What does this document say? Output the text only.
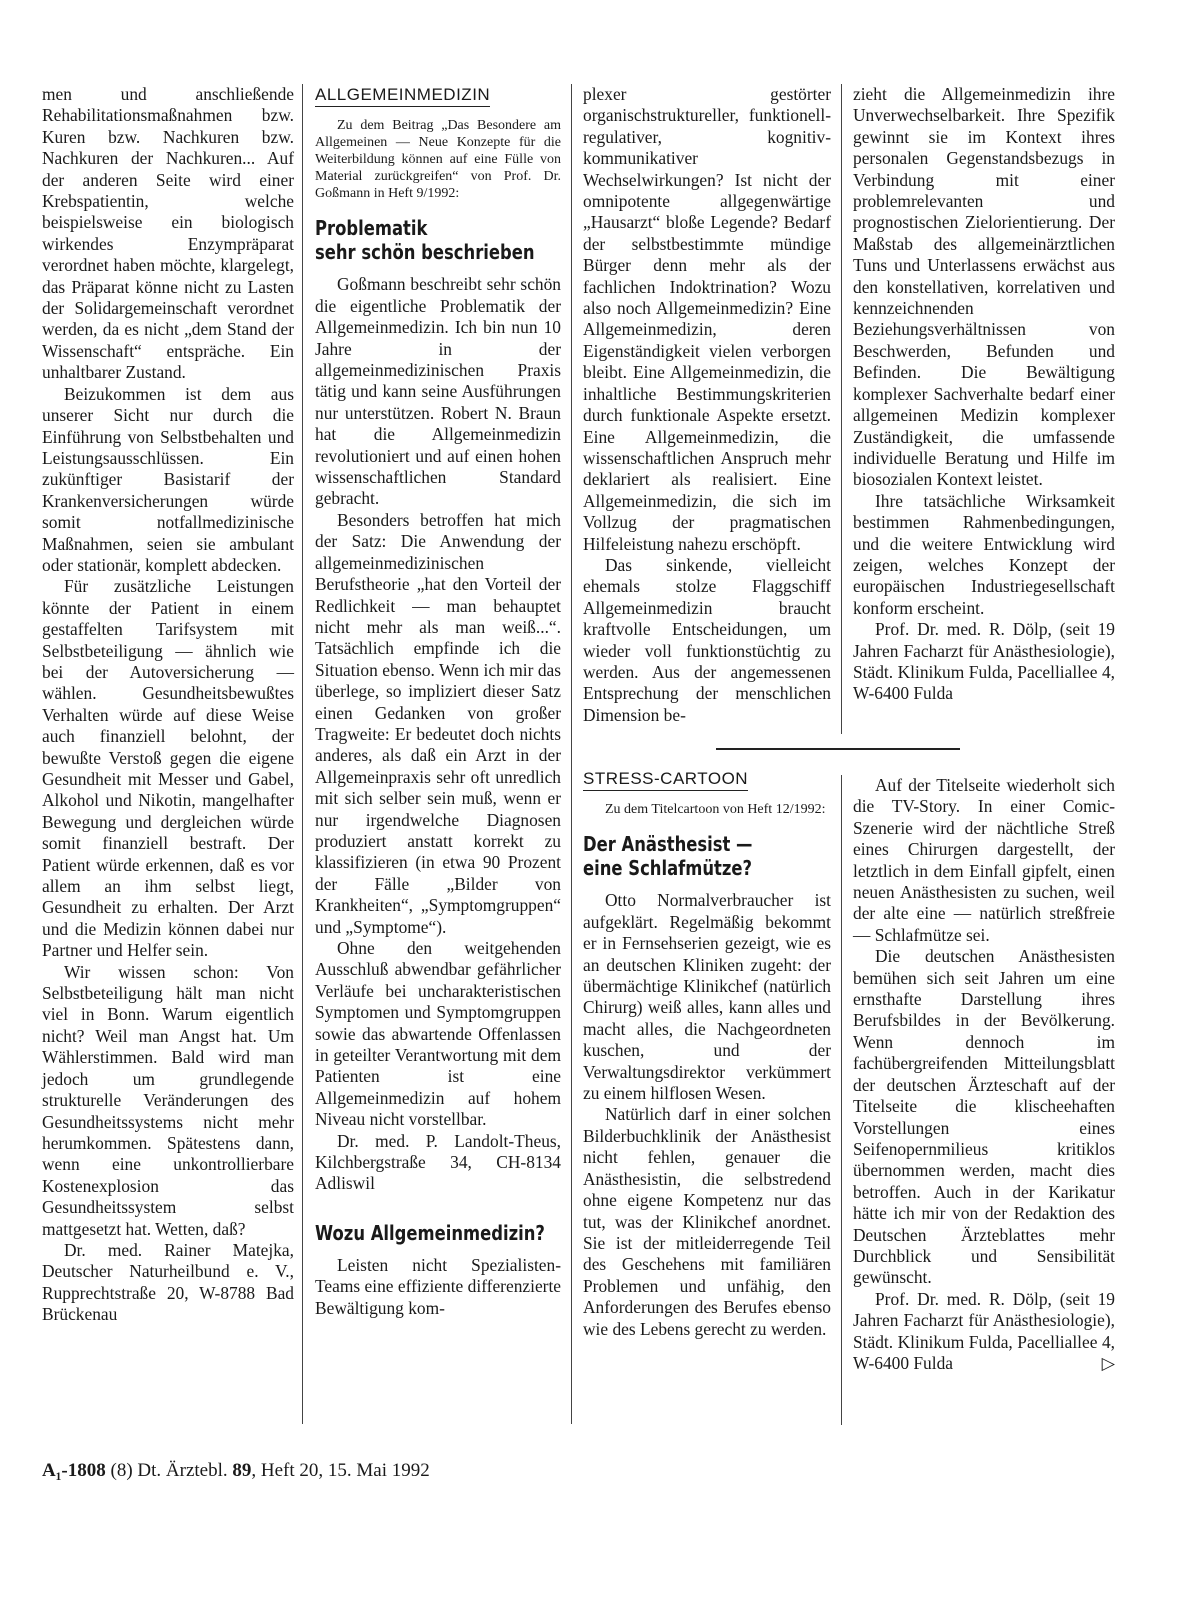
men und anschließende Rehabilitationsmaßnahmen bzw. Kuren bzw. Nachkuren bzw. Nachkuren der Nachkuren... Auf der anderen Seite wird einer Krebspatientin, welche beispielsweise ein biologisch wirkendes Enzympräparat verordnet haben möchte, klargelegt, das Präparat könne nicht zu Lasten der Solidargemeinschaft verordnet werden, da es nicht „dem Stand der Wissenschaft“ entspräche. Ein unhaltbarer Zustand.

Beizukommen ist dem aus unserer Sicht nur durch die Einführung von Selbstbehalten und Leistungsausschlüssen. Ein zukünftiger Basistarif der Krankenversicherungen würde somit notfallmedizinische Maßnahmen, seien sie ambulant oder stationär, komplett abdecken.

Für zusätzliche Leistungen könnte der Patient in einem gestaffelten Tarifsystem mit Selbstbeteiligung — ähnlich wie bei der Autoversicherung — wählen. Gesundheitsbewußtes Verhalten würde auf diese Weise auch finanziell belohnt, der bewußte Verstoß gegen die eigene Gesundheit mit Messer und Gabel, Alkohol und Nikotin, mangelhafter Bewegung und dergleichen würde somit finanziell bestraft. Der Patient würde erkennen, daß es vor allem an ihm selbst liegt, Gesundheit zu erhalten. Der Arzt und die Medizin können dabei nur Partner und Helfer sein.

Wir wissen schon: Von Selbstbeteiligung hält man nicht viel in Bonn. Warum eigentlich nicht? Weil man Angst hat. Um Wählerstimmen. Bald wird man jedoch um grundlegende strukturelle Veränderungen des Gesundheitssystems nicht mehr herumkommen. Spätestens dann, wenn eine unkontrollierbare Kostenexplosion das Gesundheitssystem selbst mattgesetzt hat. Wetten, daß?

Dr. med. Rainer Matejka, Deutscher Naturheilbund e. V., Rupprechtstraße 20, W-8788 Bad Brückenau

ALLGEMEINMEDIZIN
Zu dem Beitrag „Das Besondere am Allgemeinen — Neue Konzepte für die Weiterbildung können auf eine Fülle von Material zurückgreifen“ von Prof. Dr. Goßmann in Heft 9/1992:
Problematik
sehr schön beschrieben

Goßmann beschreibt sehr schön die eigentliche Problematik der Allgemeinmedizin. Ich bin nun 10 Jahre in der allgemeinmedizinischen Praxis tätig und kann seine Ausführungen nur unterstützen. Robert N. Braun hat die Allgemeinmedizin revolutioniert und auf einen hohen wissenschaftlichen Standard gebracht.

Besonders betroffen hat mich der Satz: Die Anwendung der allgemeinmedizinischen Berufstheorie „hat den Vorteil der Redlichkeit — man behauptet nicht mehr als man weiß...“. Tatsächlich empfinde ich die Situation ebenso. Wenn ich mir das überlege, so impliziert dieser Satz einen Gedanken von großer Tragweite: Er bedeutet doch nichts anderes, als daß ein Arzt in der Allgemeinpraxis sehr oft unredlich mit sich selber sein muß, wenn er nur irgendwelche Diagnosen produziert anstatt korrekt zu klassifizieren (in etwa 90 Prozent der Fälle „Bilder von Krankheiten“, „Symptomgruppen“ und „Symptome“).

Ohne den weitgehenden Ausschluß abwendbar gefährlicher Verläufe bei uncharakteristischen Symptomen und Symptomgruppen sowie das abwartende Offenlassen in geteilter Verantwortung mit dem Patienten ist eine Allgemeinmedizin auf hohem Niveau nicht vorstellbar.

Dr. med. P. Landolt-Theus, Kilchbergstraße 34, CH-8134 Adliswil

Wozu Allgemeinmedizin?

Leisten nicht Spezialisten-Teams eine effiziente differenzierte Bewältigung kom-

plexer gestörter organischstruktureller, funktionell-regulativer, kognitiv-kommunikativer Wechselwirkungen? Ist nicht der omnipotente allgegenwärtige „Hausarzt“ bloße Legende? Bedarf der selbstbestimmte mündige Bürger denn mehr als der fachlichen Indoktrination? Wozu also noch Allgemeinmedizin? Eine Allgemeinmedizin, deren Eigenständigkeit vielen verborgen bleibt. Eine Allgemeinmedizin, die inhaltliche Bestimmungskriterien durch funktionale Aspekte ersetzt. Eine Allgemeinmedizin, die wissenschaftlichen Anspruch mehr deklariert als realisiert. Eine Allgemeinmedizin, die sich im Vollzug der pragmatischen Hilfeleistung nahezu erschöpft.

Das sinkende, vielleicht ehemals stolze Flaggschiff Allgemeinmedizin braucht kraftvolle Entscheidungen, um wieder voll funktionstüchtig zu werden. Aus der angemessenen Entsprechung der menschlichen Dimension be-

zieht die Allgemeinmedizin ihre Unverwechselbarkeit. Ihre Spezifik gewinnt sie im Kontext ihres personalen Gegenstandsbezugs in Verbindung mit einer problemrelevanten und prognostischen Zielorientierung. Der Maßstab des allgemeinärztlichen Tuns und Unterlassens erwächst aus den konstellativen, korrelativen und kennzeichnenden Beziehungsverhältnissen von Beschwerden, Befunden und Befinden. Die Bewältigung komplexer Sachverhalte bedarf einer allgemeinen Medizin komplexer Zuständigkeit, die umfassende individuelle Beratung und Hilfe im biosozialen Kontext leistet.

Ihre tatsächliche Wirksamkeit bestimmen Rahmenbedingungen, und die weitere Entwicklung wird zeigen, welches Konzept der europäischen Industriegesellschaft konform erscheint.

Prof. Dr. med. R. Dölp, (seit 19 Jahren Facharzt für Anästhesiologie), Städt. Klinikum Fulda, Pacelliallee 4, W-6400 Fulda

STRESS-CARTOON
Zu dem Titelcartoon von Heft 12/1992:
Der Anästhesist —
eine Schlafmütze?

Otto Normalverbraucher ist aufgeklärt. Regelmäßig bekommt er in Fernsehserien gezeigt, wie es an deutschen Kliniken zugeht: der übermächtige Klinikchef (natürlich Chirurg) weiß alles, kann alles und macht alles, die Nachgeordneten kuschen, und der Verwaltungsdirektor verkümmert zu einem hilflosen Wesen.

Natürlich darf in einer solchen Bilderbuchklinik der Anästhesist nicht fehlen, genauer die Anästhesistin, die selbstredend ohne eigene Kompetenz nur das tut, was der Klinikchef anordnet. Sie ist der mitleiderregende Teil des Geschehens mit familiären Problemen und unfähig, den Anforderungen des Berufes ebenso wie des Lebens gerecht zu werden.

Auf der Titelseite wiederholt sich die TV-Story. In einer Comic-Szenerie wird der nächtliche Streß eines Chirurgen dargestellt, der letztlich in dem Einfall gipfelt, einen neuen Anästhesisten zu suchen, weil der alte eine — natürlich streßfreie — Schlafmütze sei.

Die deutschen Anästhesisten bemühen sich seit Jahren um eine ernsthafte Darstellung ihres Berufsbildes in der Bevölkerung. Wenn dennoch im fachübergreifenden Mitteilungsblatt der deutschen Ärzteschaft auf der Titelseite die klischeehaften Vorstellungen eines Seifenopernmilieus kritiklos übernommen werden, macht dies betroffen. Auch in der Karikatur hätte ich mir von der Redaktion des Deutschen Ärzteblattes mehr Durchblick und Sensibilität gewünscht.

Prof. Dr. med. R. Dölp, (seit 19 Jahren Facharzt für Anästhesiologie), Städt. Klinikum Fulda, Pacelliallee 4, W-6400 Fulda	▷

A₁-1808 (8) Dt. Ärztebl. 89, Heft 20, 15. Mai 1992
